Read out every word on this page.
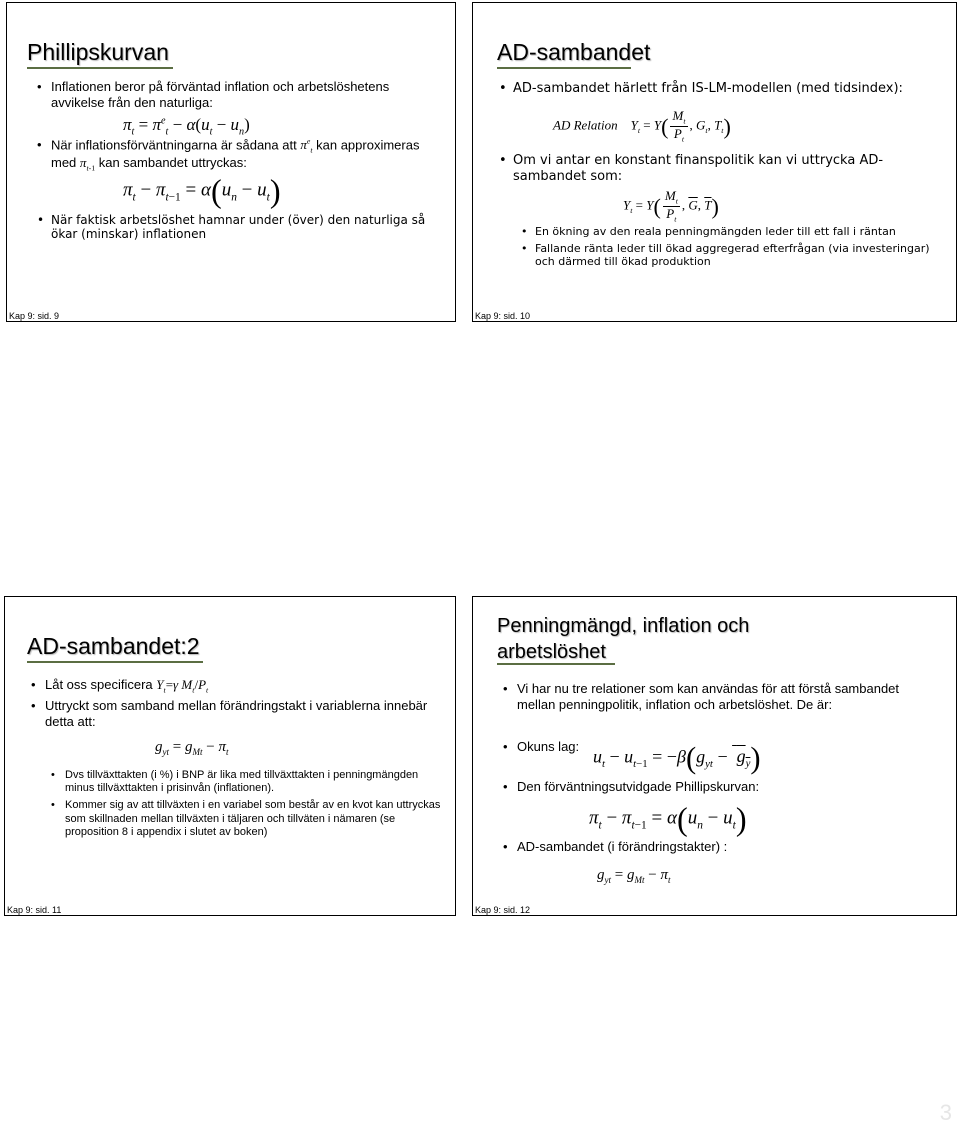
Phillipskurvan
• Inflationen beror på förväntad inflation och arbetslöshetens avvikelse från den naturliga:
$\pi_t = \pi^e_t - \alpha(u_t - u_n)$
• När inflationsförväntningarna är sådana att $\pi^e_t$ kan approximeras med $\pi_{t-1}$ kan sambandet uttryckas:
$\pi_t - \pi_{t-1} = \alpha(u_n - u_t)$
• När faktisk arbetslöshet hamnar under (över) den naturliga så ökar (minskar) inflationen
Kap 9: sid. 9
AD-sambandet
• AD-sambandet härlett från IS-LM-modellen (med tidsindex):
AD Relation $Y_t = Y( \frac{M_t}{P_t}$ , $G_t$, $T_t$)
• Om vi antar en konstant finanspolitik kan vi uttrycka AD-sambandet som:
$Y_t = Y( \frac{M_t}{P_t}$ , $\overline{G}$, $\overline{T}$)
• En ökning av den reala penningmängden leder till ett fall i räntan
• Fallande ränta leder till ökad aggregerad efterfrågan (via investeringar) och därmed till ökad produktion
Kap 9: sid. 10
AD-sambandet:2
• Låt oss specificera $Y_t=\gamma$ $M_t/P_t$
• Uttryckt som samband mellan förändringstakt i variablerna innebär detta att:
$g_{yt} = g_{Mt} - \pi_t$
• Dvs tillväxttakten (i %) i BNP är lika med tillväxttakten i penningmängden minus tillväxttakten i prisinvån (inflationen).
• Kommer sig av att tillväxten i en variabel som består av en kvot kan uttryckas som skillnaden mellan tillväxten i täljaren och tillväten i nämaren (se proposition 8 i appendix i slutet av boken)
Kap 9: sid. 11
Penningmängd, inflation och arbetslöshet
• Vi har nu tre relationer som kan användas för att förstå sambandet mellan penningpolitik, inflation och arbetslöshet. De är:
• Okuns lag: $u_t - u_{t-1} = -\beta(g_{yt} - g_y)$
• Den förväntningsutvidgade Phillipskurvan:
$\pi_t - \pi_{t-1} = \alpha(u_n - u_t)$
• AD-sambandet (i förändringstakter) :
$g_{yt} = g_{Mt} - \pi_t$
Kap 9: sid. 12
3
